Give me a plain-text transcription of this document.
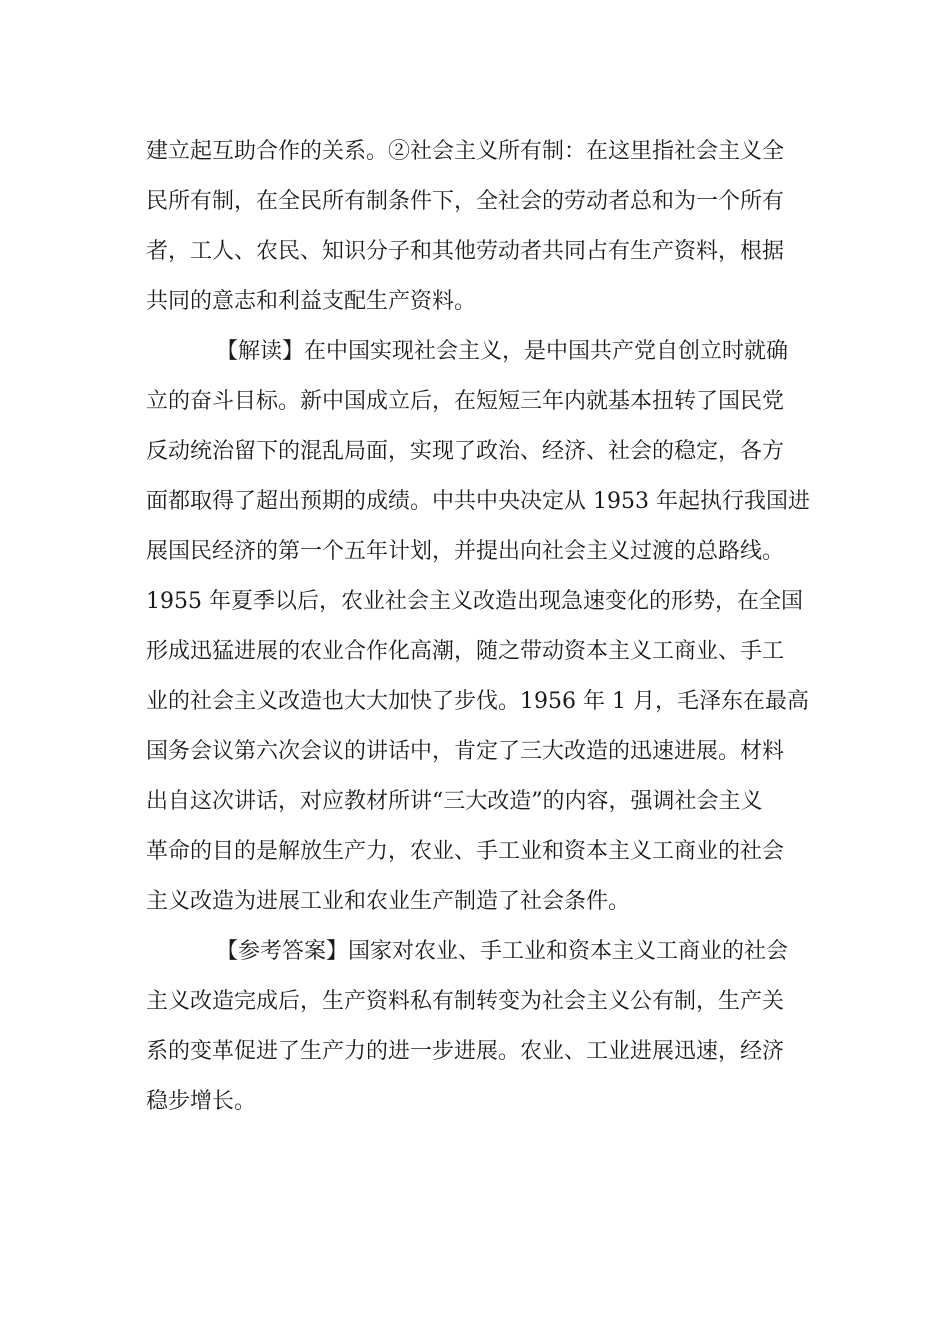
建立起互助合作的关系。②社会主义所有制：在这里指社会主义全
民所有制，在全民所有制条件下，全社会的劳动者总和为一个所有
者，工人、农民、知识分子和其他劳动者共同占有生产资料，根据
共同的意志和利益支配生产资料。
【解读】在中国实现社会主义，是中国共产党自创立时就确
立的奋斗目标。新中国成立后，在短短三年内就基本扭转了国民党
反动统治留下的混乱局面，实现了政治、经济、社会的稳定，各方
面都取得了超出预期的成绩。中共中央决定从 1953 年起执行我国进
展国民经济的第一个五年计划，并提出向社会主义过渡的总路线。
1955 年夏季以后，农业社会主义改造出现急速变化的形势，在全国
形成迅猛进展的农业合作化高潮，随之带动资本主义工商业、手工
业的社会主义改造也大大加快了步伐。1956 年 1 月，毛泽东在最高
国务会议第六次会议的讲话中，肯定了三大改造的迅速进展。材料
出自这次讲话，对应教材所讲“三大改造”的内容，强调社会主义
革命的目的是解放生产力，农业、手工业和资本主义工商业的社会
主义改造为进展工业和农业生产制造了社会条件。
【参考答案】国家对农业、手工业和资本主义工商业的社会
主义改造完成后，生产资料私有制转变为社会主义公有制，生产关
系的变革促进了生产力的进一步进展。农业、工业进展迅速，经济
稳步增长。
